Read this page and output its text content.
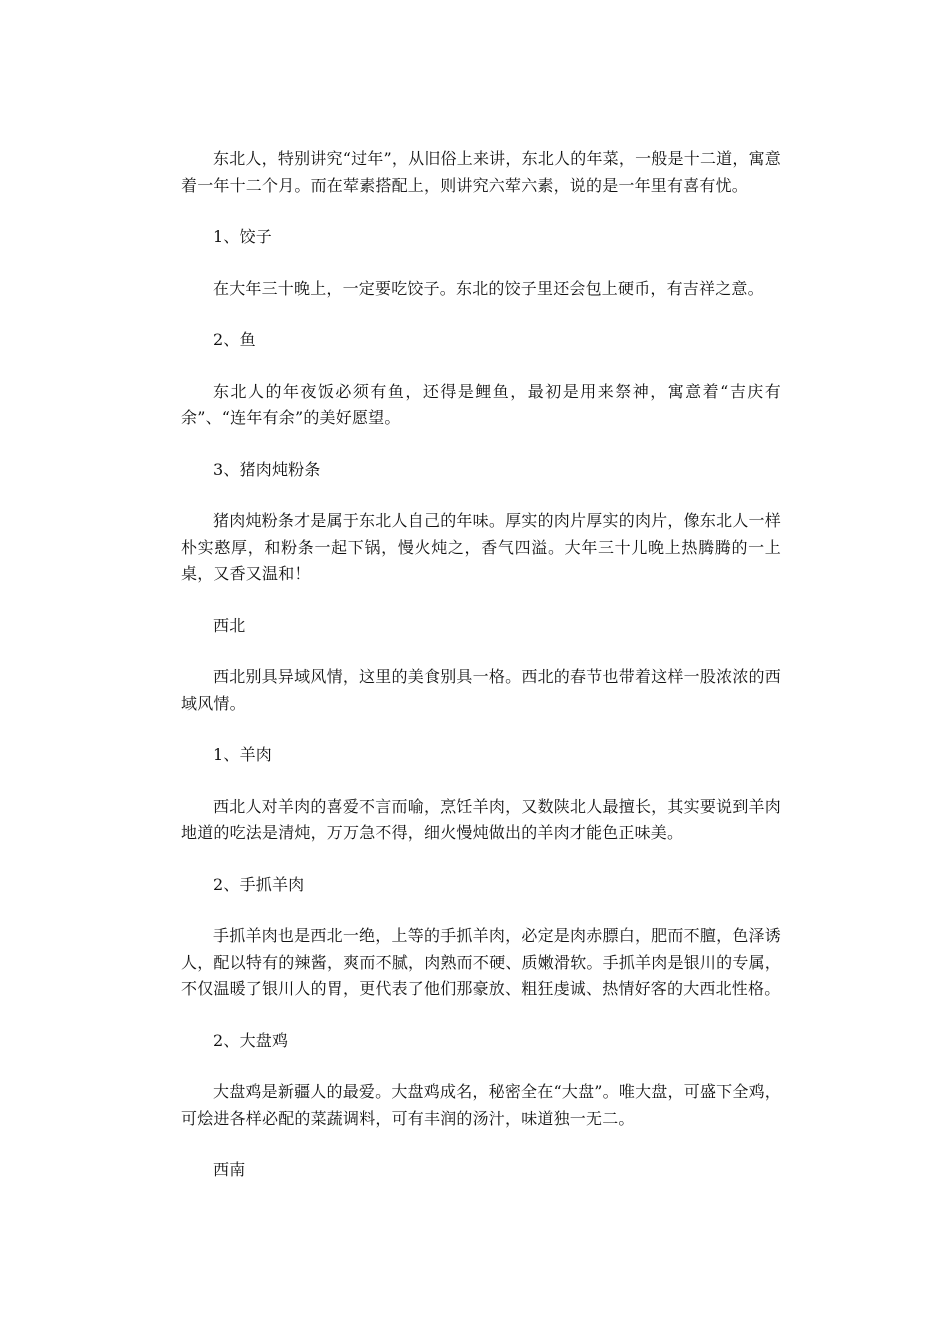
东北人，特别讲究“过年”，从旧俗上来讲，东北人的年菜，一般是十二道，寓意着一年十二个月。而在荤素搭配上，则讲究六荤六素，说的是一年里有喜有忧。

1、饺子

在大年三十晚上，一定要吃饺子。东北的饺子里还会包上硬币，有吉祥之意。

2、鱼

东北人的年夜饭必须有鱼，还得是鲤鱼，最初是用来祭神，寓意着“吉庆有余”、“连年有余”的美好愿望。

3、猪肉炖粉条

猪肉炖粉条才是属于东北人自己的年味。厚实的肉片厚实的肉片，像东北人一样朴实憨厚，和粉条一起下锅，慢火炖之，香气四溢。大年三十儿晚上热腾腾的一上桌，又香又温和！

西北

西北别具异域风情，这里的美食别具一格。西北的春节也带着这样一股浓浓的西域风情。

1、羊肉

西北人对羊肉的喜爱不言而喻，烹饪羊肉，又数陕北人最擅长，其实要说到羊肉地道的吃法是清炖，万万急不得，细火慢炖做出的羊肉才能色正味美。

2、手抓羊肉

手抓羊肉也是西北一绝，上等的手抓羊肉，必定是肉赤膘白，肥而不膻，色泽诱人，配以特有的辣酱，爽而不腻，肉熟而不硬、质嫩滑软。手抓羊肉是银川的专属，不仅温暖了银川人的胃，更代表了他们那豪放、粗狂虔诚、热情好客的大西北性格。

2、大盘鸡

大盘鸡是新疆人的最爱。大盘鸡成名，秘密全在“大盘”。唯大盘，可盛下全鸡，可烩进各样必配的菜蔬调料，可有丰润的汤汁，味道独一无二。

西南
